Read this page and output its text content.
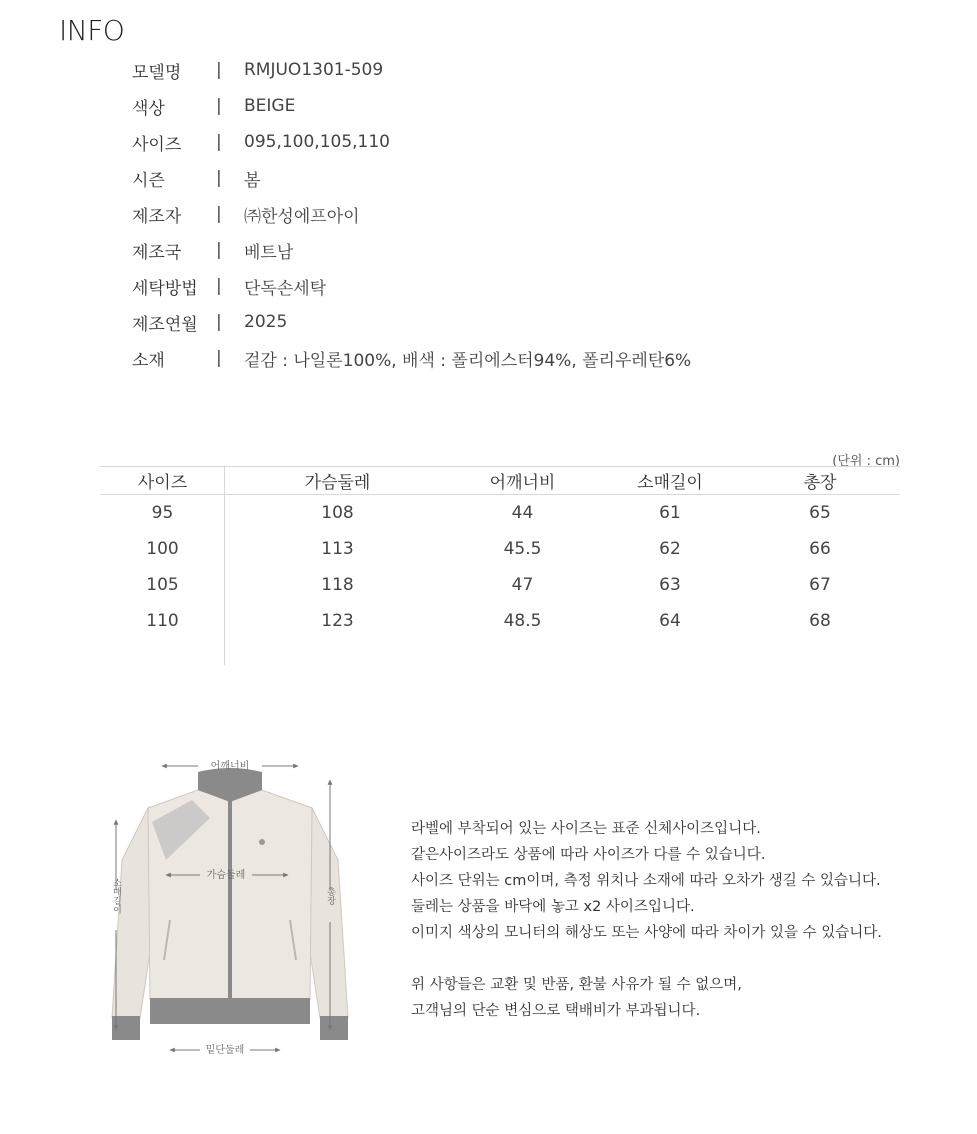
INFO
모델명	|	RMJUO1301-509
색상	|	BEIGE
사이즈	|	095,100,105,110
시즌	|	봄
제조자	|	㈜한성에프아이
제조국	|	베트남
세탁방법	|	단독손세탁
제조연월	|	2025
소재	|	겉감 : 나일론100%, 배색 : 폴리에스터94%, 폴리우레탄6%
(단위 : cm)
사이즈	가슴둘레	어깨너비	소매길이	총장
95	108	44	61	65
100	113	45.5	62	66
105	118	47	63	67
110	123	48.5	64	68
어깨너비
가슴둘레
밑단둘레
소매길이	총장

라벨에 부착되어 있는 사이즈는 표준 신체사이즈입니다.

같은사이즈라도 상품에 따라 사이즈가 다를 수 있습니다.

사이즈 단위는 cm이며, 측정 위치나 소재에 따라 오차가 생길 수 있습니다.

둘레는 상품을 바닥에 놓고 x2 사이즈입니다.

이미지 색상의 모니터의 해상도 또는 사양에 따라 차이가 있을 수 있습니다.

위 사항들은 교환 및 반품, 환불 사유가 될 수 없으며,

고객님의 단순 변심으로 택배비가 부과됩니다.
